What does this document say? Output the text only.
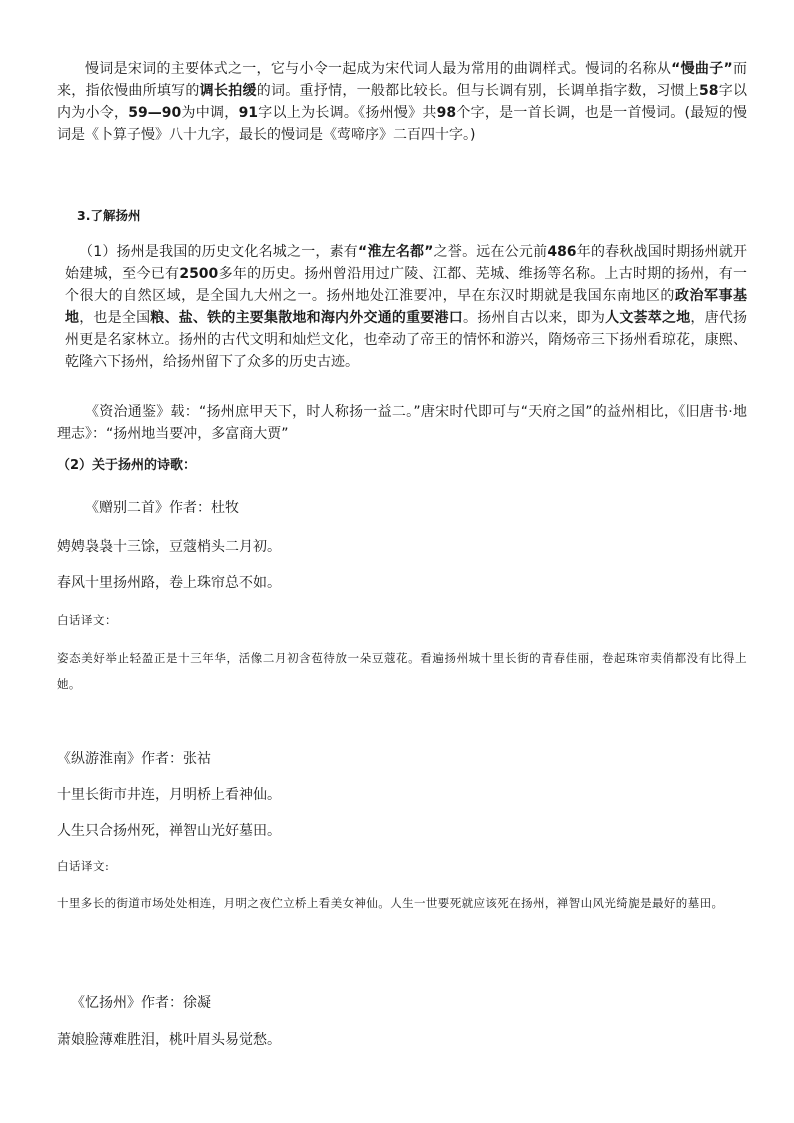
慢词是宋词的主要体式之一，它与小令一起成为宋代词人最为常用的曲调样式。慢词的名称从“慢曲子”而来，指依慢曲所填写的调长拍缓的词。重抒情，一般都比较长。但与长调有别，长调单指字数，习惯上58字以内为小令，59—90为中调，91字以上为长调。《扬州慢》共98个字，是一首长调，也是一首慢词。(最短的慢词是《卜算子慢》八十九字，最长的慢词是《莺啼序》二百四十字。)

3.了解扬州

（1）扬州是我国的历史文化名城之一，素有“淮左名都”之誉。远在公元前486年的春秋战国时期扬州就开始建城，至今已有2500多年的历史。扬州曾沿用过广陵、江都、芜城、维扬等名称。上古时期的扬州，有一个很大的自然区域，是全国九大州之一。扬州地处江淮要冲，早在东汉时期就是我国东南地区的政治军事基地，也是全国粮、盐、铁的主要集散地和海内外交通的重要港口。扬州自古以来，即为人文荟萃之地，唐代扬州更是名家林立。扬州的古代文明和灿烂文化，也牵动了帝王的情怀和游兴，隋炀帝三下扬州看琼花，康熙、乾隆六下扬州，给扬州留下了众多的历史古迹。

《资治通鉴》载：“扬州庶甲天下，时人称扬一益二。”唐宋时代即可与“天府之国”的益州相比，《旧唐书·地理志》：“扬州地当要冲，多富商大贾”

（2）关于扬州的诗歌：

《赠别二首》作者：杜牧

娉娉袅袅十三馀，豆蔻梢头二月初。

春风十里扬州路，卷上珠帘总不如。

白话译文：

姿态美好举止轻盈正是十三年华，活像二月初含苞待放一朵豆蔻花。看遍扬州城十里长街的青春佳丽，卷起珠帘卖俏都没有比得上她。

《纵游淮南》作者：张祜

十里长街市井连，月明桥上看神仙。

人生只合扬州死，禅智山光好墓田。

白话译文:

十里多长的街道市场处处相连，月明之夜伫立桥上看美女神仙。人生一世要死就应该死在扬州，禅智山风光绮旎是最好的墓田。

《忆扬州》作者：徐凝

萧娘脸薄难胜泪，桃叶眉头易觉愁。
